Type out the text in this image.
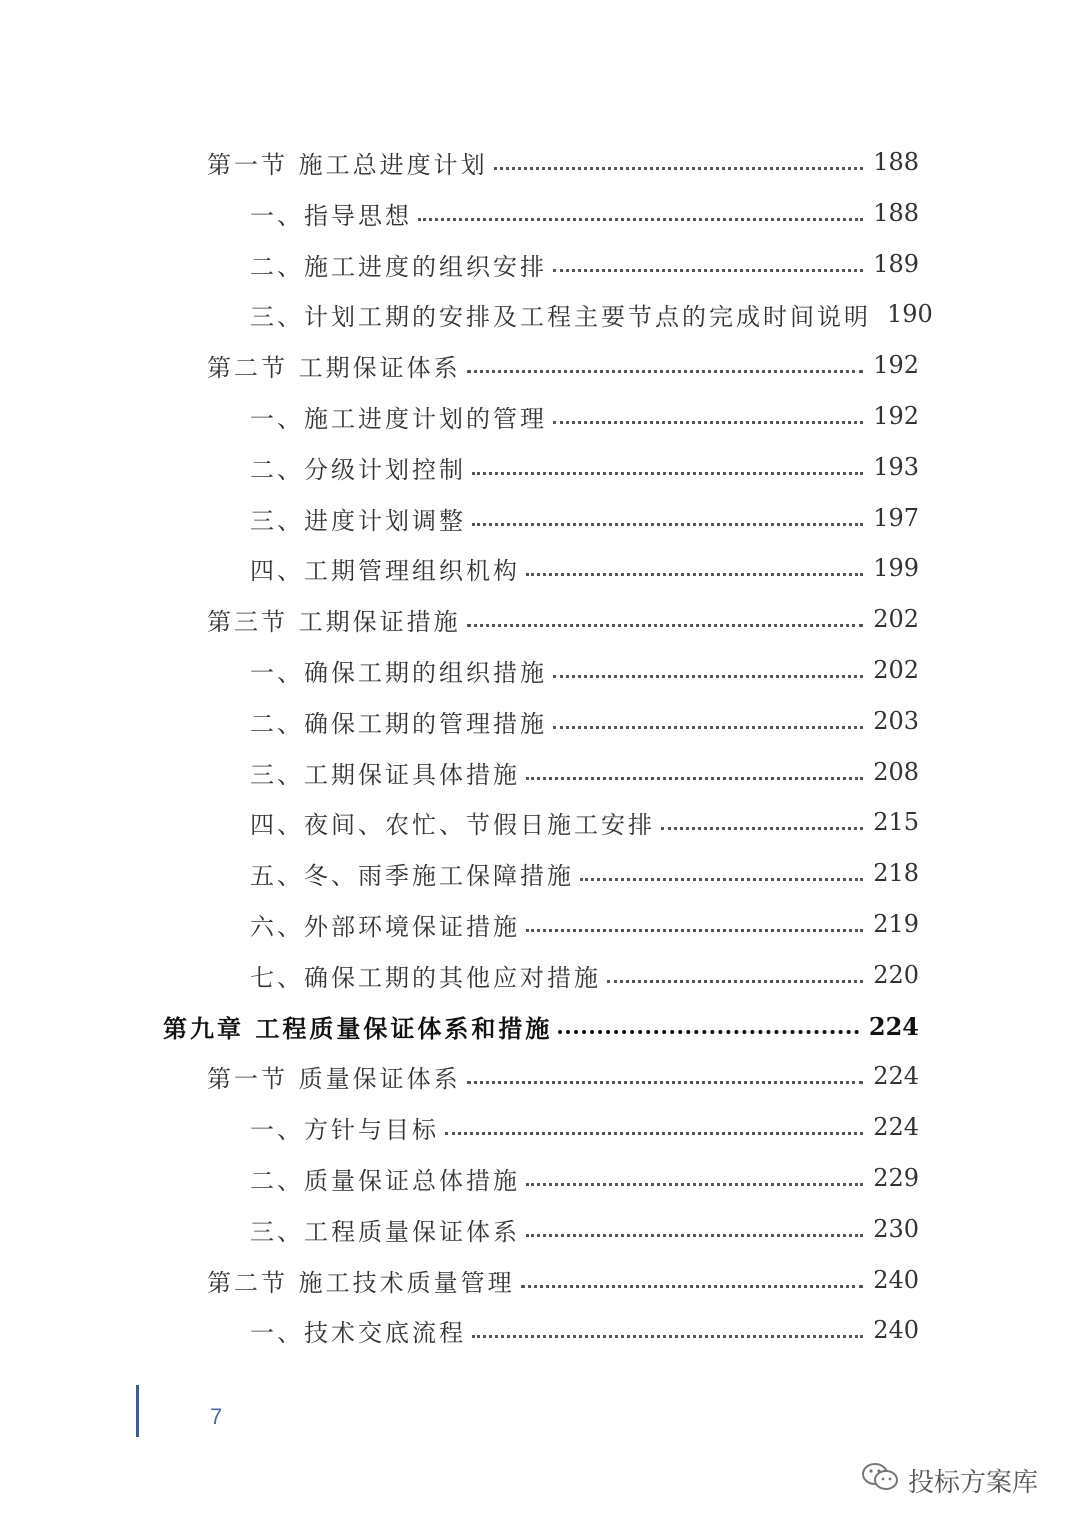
第一节 施工总进度计划	188
一、指导思想	188
二、施工进度的组织安排	189
三、计划工期的安排及工程主要节点的完成时间说明 190
第二节 工期保证体系	192
一、施工进度计划的管理	192
二、分级计划控制	193
三、进度计划调整	197
四、工期管理组织机构	199
第三节 工期保证措施	202
一、确保工期的组织措施	202
二、确保工期的管理措施	203
三、工期保证具体措施	208
四、夜间、农忙、节假日施工安排	215
五、冬、雨季施工保障措施	218
六、外部环境保证措施	219
七、确保工期的其他应对措施	220
第九章 工程质量保证体系和措施	224
第一节 质量保证体系	224
一、方针与目标	224
二、质量保证总体措施	229
三、工程质量保证体系	230
第二节 施工技术质量管理	240
一、技术交底流程	240
7
投标方案库
